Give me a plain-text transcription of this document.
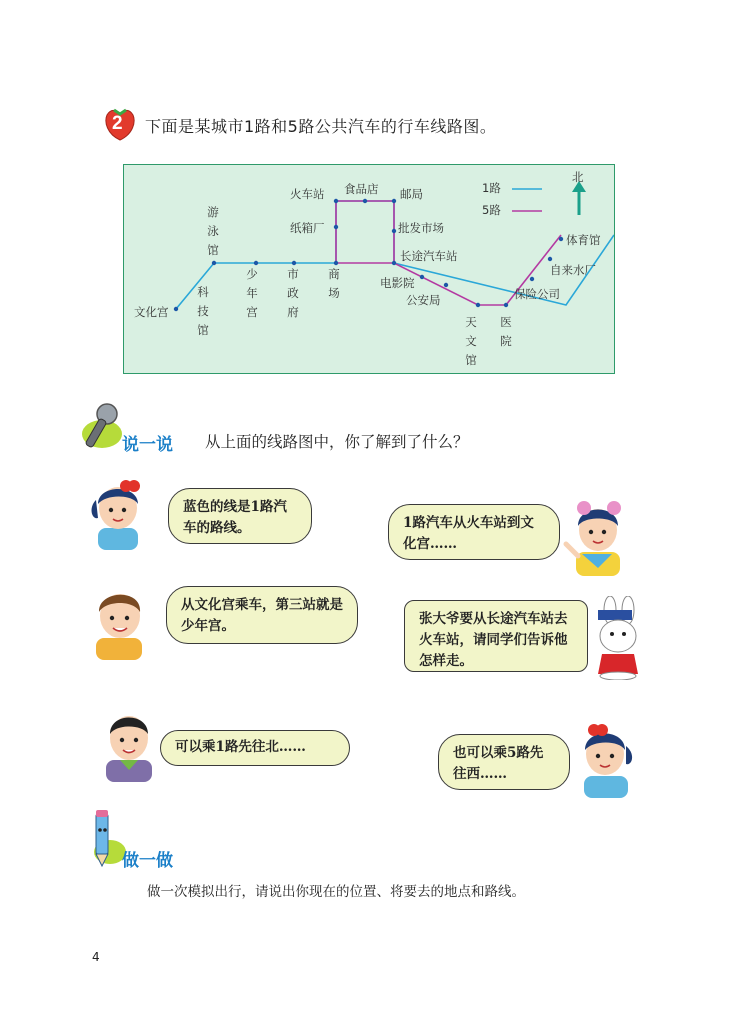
2 下面是某城市1路和5路公共汽车的行车线路图。
1路
5路
北
文化宫
科技馆
游泳馆
少年宫
市政府
商场
火车站 食品店 邮局
纸箱厂	批发市场
长途汽车站
电影院
公安局
天文馆
医院
保险公司
自来水厂
体育馆
说一说 从上面的线路图中，你了解到了什么？
蓝色的线是1路汽车的路线。	1路汽车从火车站到文化宫……
从文化宫乘车，第三站就是少年宫。	张大爷要从长途汽车站去火车站，请同学们告诉他怎样走。
可以乘1路先往北……	也可以乘5路先往西……
做一做
做一次模拟出行，请说出你现在的位置、将要去的地点和路线。
4
